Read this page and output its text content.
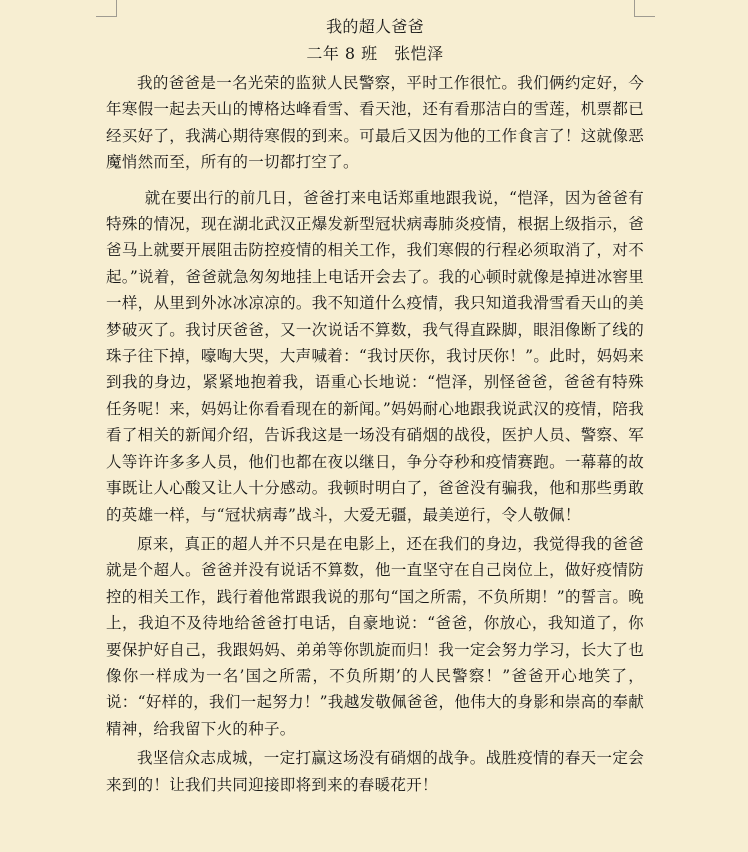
我的超人爸爸

二年 8 班　张恺泽

我的爸爸是一名光荣的监狱人民警察，平时工作很忙。我们俩约定好，今年寒假一起去天山的博格达峰看雪、看天池，还有看那洁白的雪莲，机票都已经买好了，我满心期待寒假的到来。可最后又因为他的工作食言了！这就像恶魔悄然而至，所有的一切都打空了。

就在要出行的前几日，爸爸打来电话郑重地跟我说，“恺泽，因为爸爸有特殊的情况，现在湖北武汉正爆发新型冠状病毒肺炎疫情，根据上级指示，爸爸马上就要开展阻击防控疫情的相关工作，我们寒假的行程必须取消了，对不起。”说着，爸爸就急匆匆地挂上电话开会去了。我的心顿时就像是掉进冰窖里一样，从里到外冰冰凉凉的。我不知道什么疫情，我只知道我滑雪看天山的美梦破灭了。我讨厌爸爸，又一次说话不算数，我气得直跺脚，眼泪像断了线的珠子往下掉，嚎啕大哭，大声喊着：“我讨厌你，我讨厌你！”。此时，妈妈来到我的身边，紧紧地抱着我，语重心长地说：“恺泽，别怪爸爸，爸爸有特殊任务呢！来，妈妈让你看看现在的新闻。”妈妈耐心地跟我说武汉的疫情，陪我看了相关的新闻介绍，告诉我这是一场没有硝烟的战役，医护人员、警察、军人等许许多多人员，他们也都在夜以继日，争分夺秒和疫情赛跑。一幕幕的故事既让人心酸又让人十分感动。我顿时明白了，爸爸没有骗我，他和那些勇敢的英雄一样，与“冠状病毒”战斗，大爱无疆，最美逆行，令人敬佩！

原来，真正的超人并不只是在电影上，还在我们的身边，我觉得我的爸爸就是个超人。爸爸并没有说话不算数，他一直坚守在自己岗位上，做好疫情防控的相关工作，践行着他常跟我说的那句“国之所需，不负所期！”的誓言。晚上，我迫不及待地给爸爸打电话，自豪地说：“爸爸，你放心，我知道了，你要保护好自己，我跟妈妈、弟弟等你凯旋而归！我一定会努力学习，长大了也像你一样成为一名’国之所需，不负所期’的人民警察！”爸爸开心地笑了，说：“好样的，我们一起努力！”我越发敬佩爸爸，他伟大的身影和崇高的奉献精神，给我留下火的种子。

我坚信众志成城，一定打赢这场没有硝烟的战争。战胜疫情的春天一定会来到的！让我们共同迎接即将到来的春暖花开！
